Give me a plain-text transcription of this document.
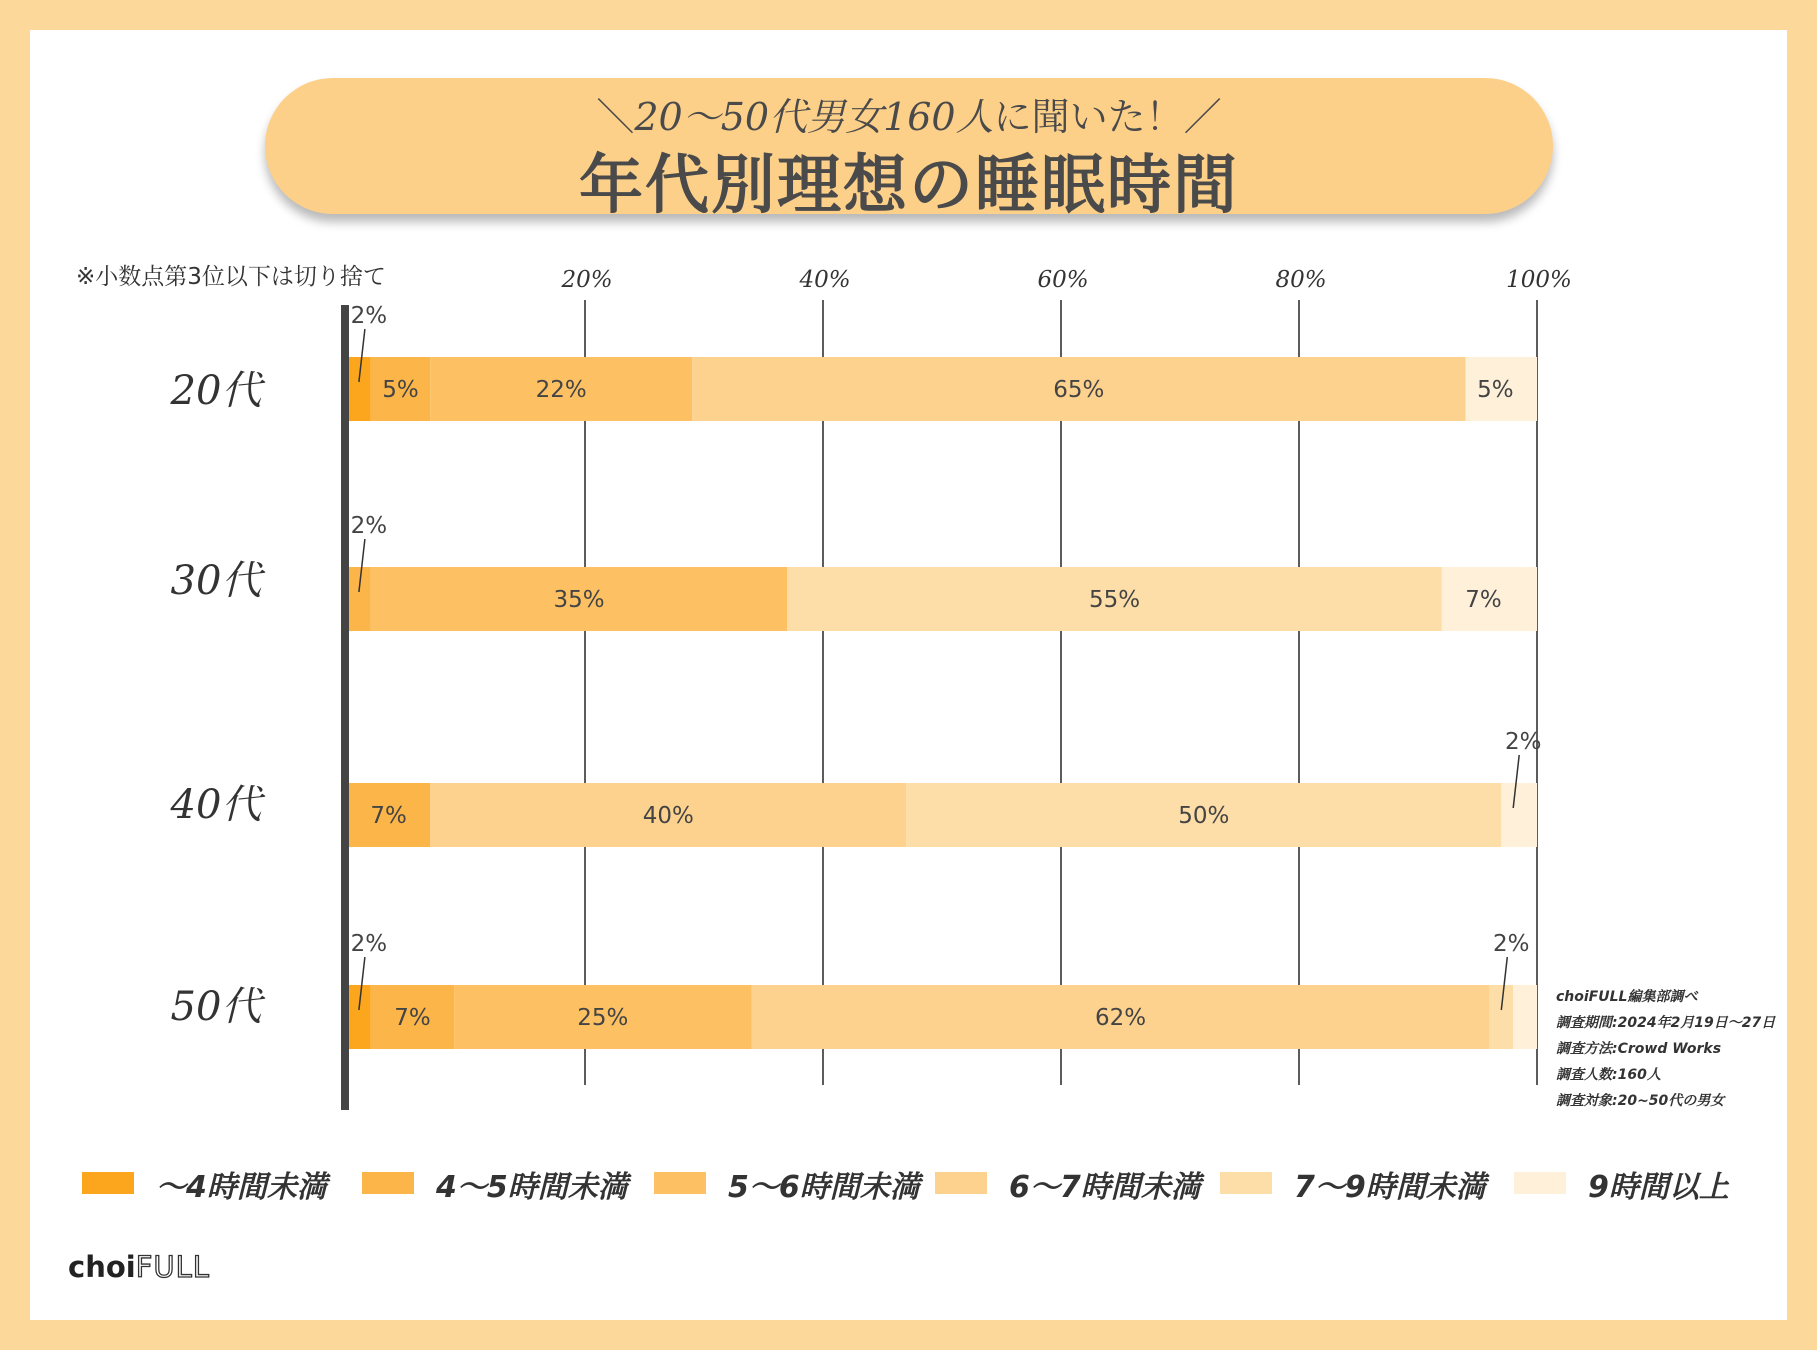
＼20〜50代男女160人に聞いた！／
年代別理想の睡眠時間
※小数点第3位以下は切り捨て	20%	40%	60%	80%	100%
2%
5%	22%	65%	5%
20代
2%
35%	55%	7%
30代
7%	40%	50%
2%
40代
2%
7%	25%	62%
2%
50代	choiFULL編集部調べ
調査期間:2024年2月19日〜27日
調査方法:Crowd Works
調査人数:160人
調査対象:20~50代の男女
〜4時間未満	4〜5時間未満	5〜6時間未満	6〜7時間未満	7〜9時間未満	9時間以上
choiFULL
